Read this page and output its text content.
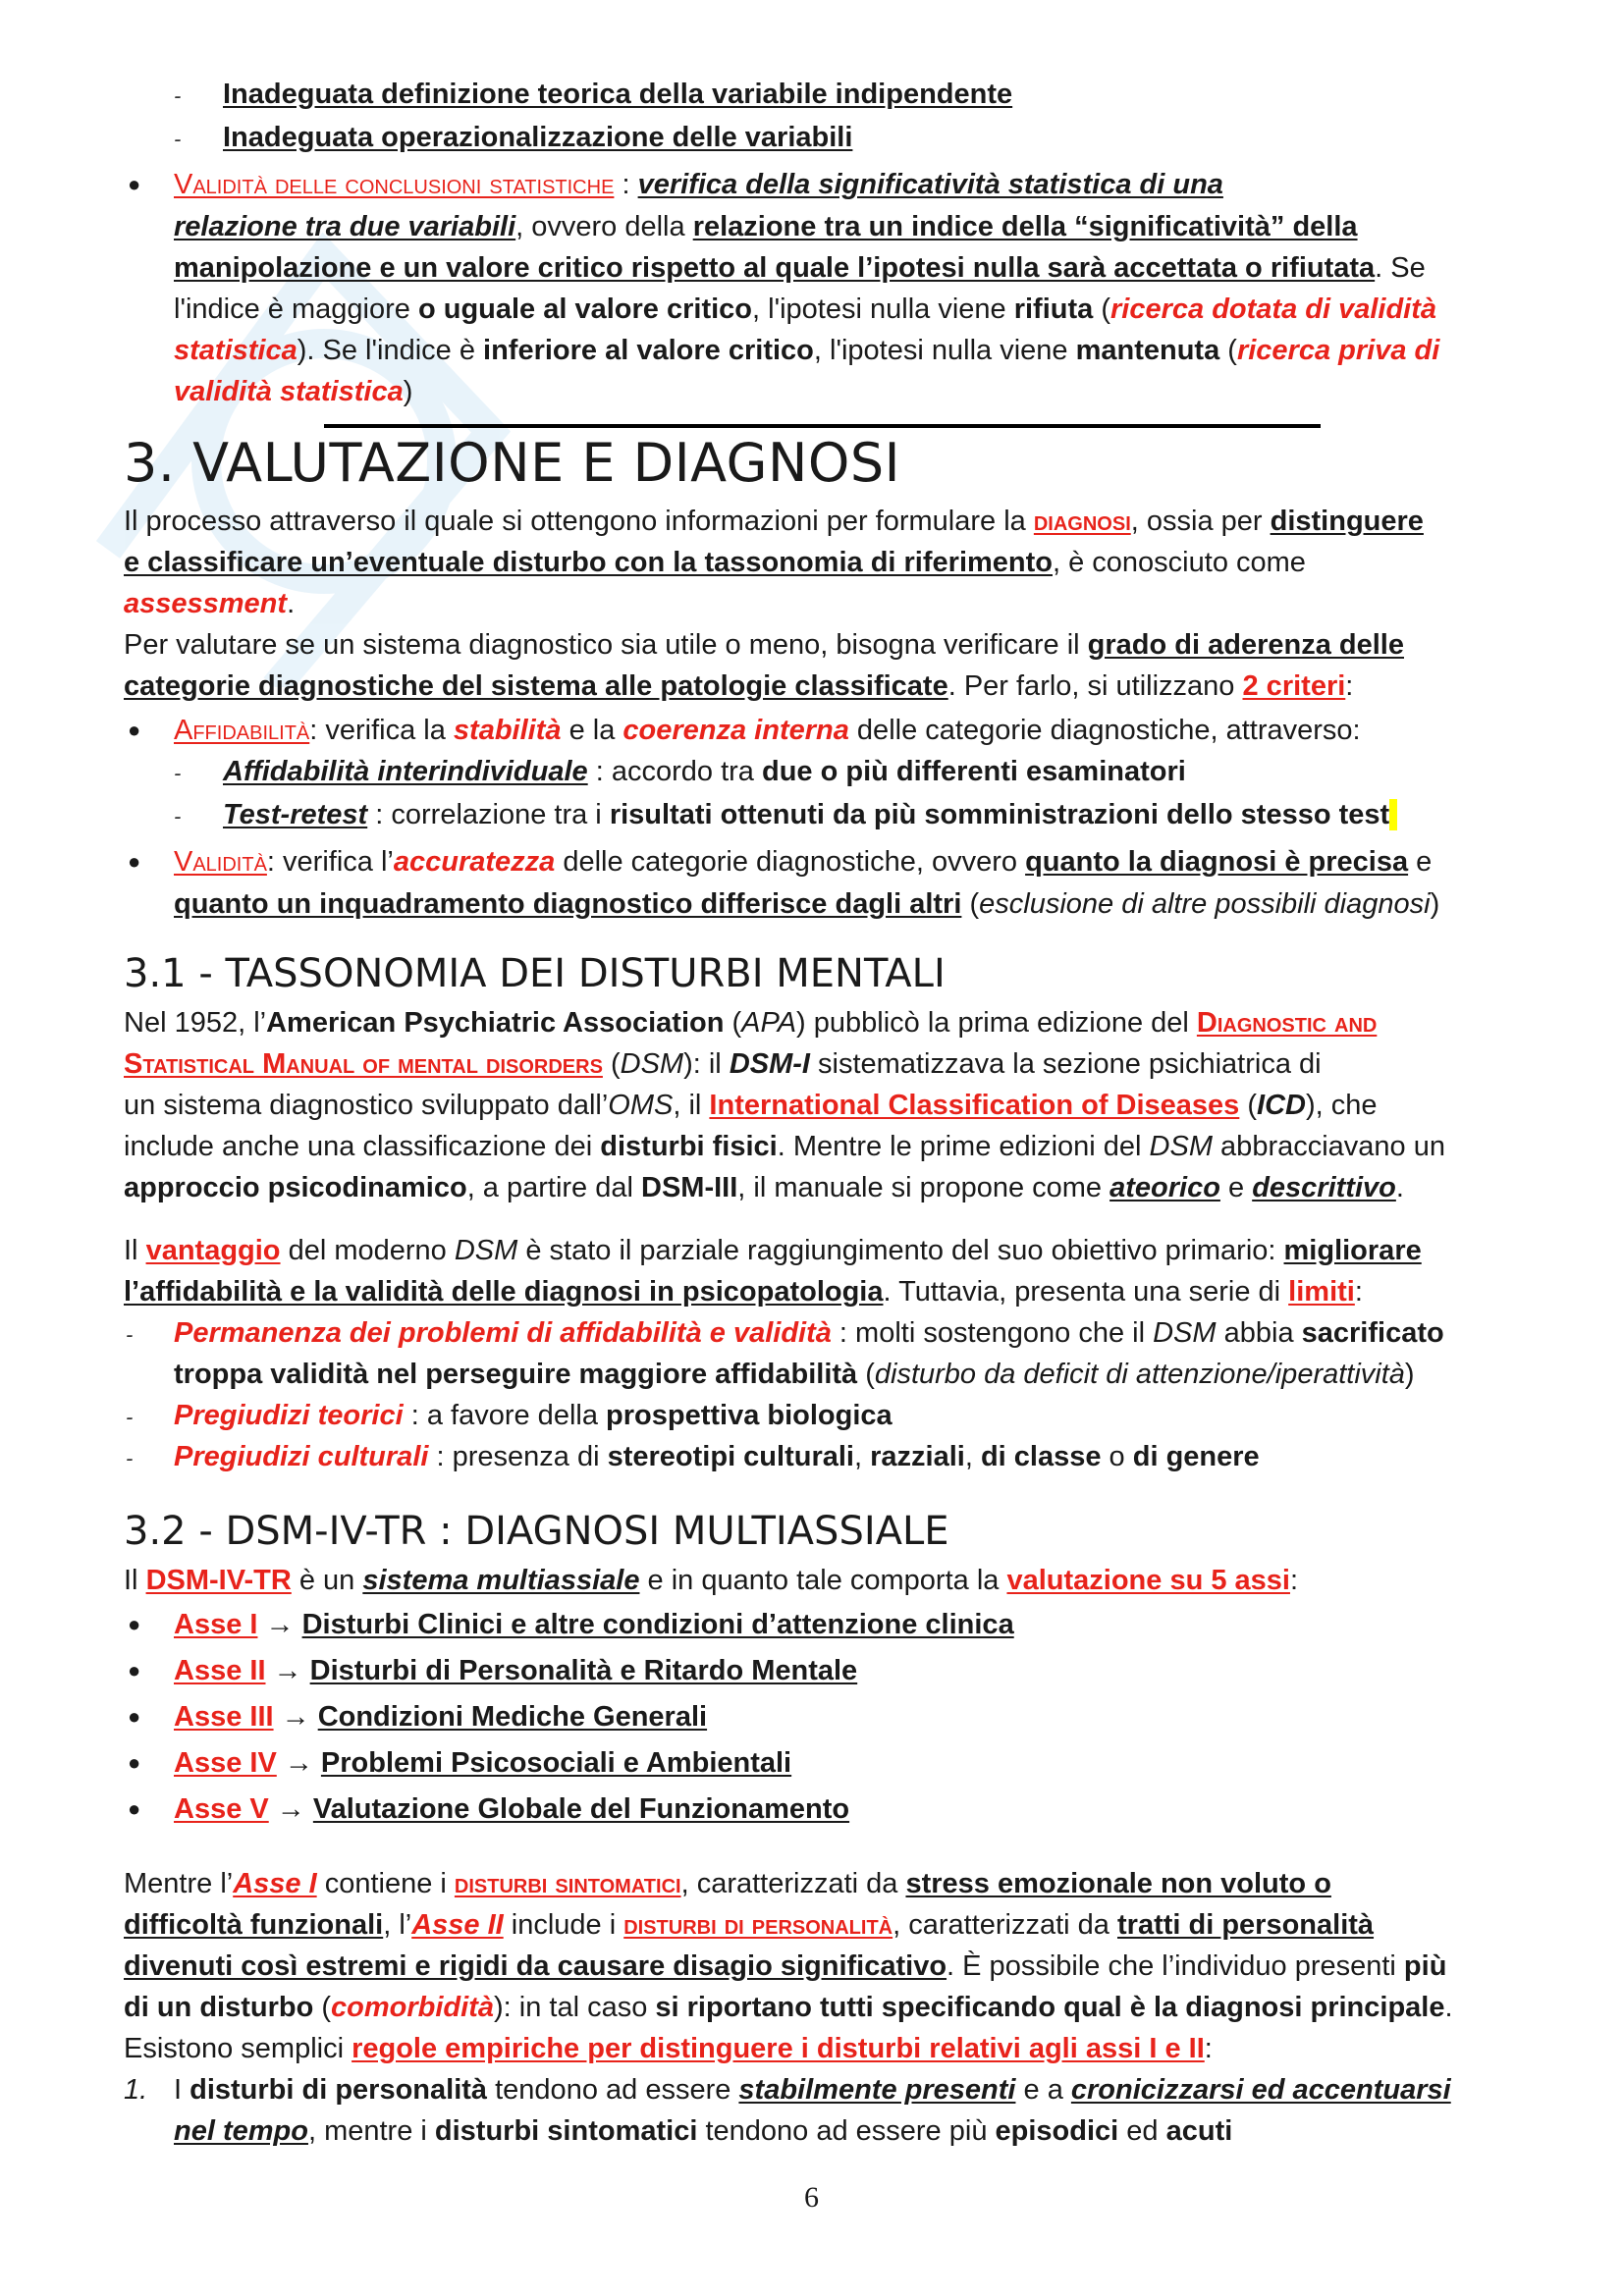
- Inadeguata definizione teorica della variabile indipendente
- Inadeguata operazionalizzazione delle variabili
● Validità delle conclusioni statistiche : verifica della significatività statistica di una
relazione tra due variabili, ovvero della relazione tra un indice della “significatività” della
manipolazione e un valore critico rispetto al quale l’ipotesi nulla sarà accettata o rifiutata. Se
l'indice è maggiore o uguale al valore critico, l'ipotesi nulla viene rifiuta (ricerca dotata di validità
statistica). Se l'indice è inferiore al valore critico, l'ipotesi nulla viene mantenuta (ricerca priva di
validità statistica)
3. VALUTAZIONE E DIAGNOSI
Il processo attraverso il quale si ottengono informazioni per formulare la diagnosi, ossia per distinguere
e classificare un’eventuale disturbo con la tassonomia di riferimento, è conosciuto come
assessment.
Per valutare se un sistema diagnostico sia utile o meno, bisogna verificare il grado di aderenza delle
categorie diagnostiche del sistema alle patologie classificate. Per farlo, si utilizzano 2 criteri:
● Affidabilità: verifica la stabilità e la coerenza interna delle categorie diagnostiche, attraverso:
- Affidabilità interindividuale : accordo tra due o più differenti esaminatori
- Test-retest : correlazione tra i risultati ottenuti da più somministrazioni dello stesso test
● Validità: verifica l’accuratezza delle categorie diagnostiche, ovvero quanto la diagnosi è precisa e
quanto un inquadramento diagnostico differisce dagli altri (esclusione di altre possibili diagnosi)
3.1 - TASSONOMIA DEI DISTURBI MENTALI
Nel 1952, l’American Psychiatric Association (APA) pubblicò la prima edizione del Diagnostic and
Statistical Manual of mental disorders (DSM): il DSM-I sistematizzava la sezione psichiatrica di
un sistema diagnostico sviluppato dall’OMS, il International Classification of Diseases (ICD), che
include anche una classificazione dei disturbi fisici. Mentre le prime edizioni del DSM abbracciavano un
approccio psicodinamico, a partire dal DSM-III, il manuale si propone come ateorico e descrittivo.
Il vantaggio del moderno DSM è stato il parziale raggiungimento del suo obiettivo primario: migliorare
l’affidabilità e la validità delle diagnosi in psicopatologia. Tuttavia, presenta una serie di limiti:
- Permanenza dei problemi di affidabilità e validità : molti sostengono che il DSM abbia sacrificato
troppa validità nel perseguire maggiore affidabilità (disturbo da deficit di attenzione/iperattività)
- Pregiudizi teorici : a favore della prospettiva biologica
- Pregiudizi culturali : presenza di stereotipi culturali, razziali, di classe o di genere
3.2 - DSM-IV-TR : DIAGNOSI MULTIASSIALE
Il DSM-IV-TR è un sistema multiassiale e in quanto tale comporta la valutazione su 5 assi:
● Asse I → Disturbi Clinici e altre condizioni d’attenzione clinica
● Asse II → Disturbi di Personalità e Ritardo Mentale
● Asse III → Condizioni Mediche Generali
● Asse IV → Problemi Psicosociali e Ambientali
● Asse V → Valutazione Globale del Funzionamento
Mentre l’Asse I contiene i disturbi sintomatici, caratterizzati da stress emozionale non voluto o
difficoltà funzionali, l’Asse II include i disturbi di personalità, caratterizzati da tratti di personalità
divenuti così estremi e rigidi da causare disagio significativo. È possibile che l’individuo presenti più
di un disturbo (comorbidità): in tal caso si riportano tutti specificando qual è la diagnosi principale.
Esistono semplici regole empiriche per distinguere i disturbi relativi agli assi I e II:
1. I disturbi di personalità tendono ad essere stabilmente presenti e a cronicizzarsi ed accentuarsi
nel tempo, mentre i disturbi sintomatici tendono ad essere più episodici ed acuti
6
